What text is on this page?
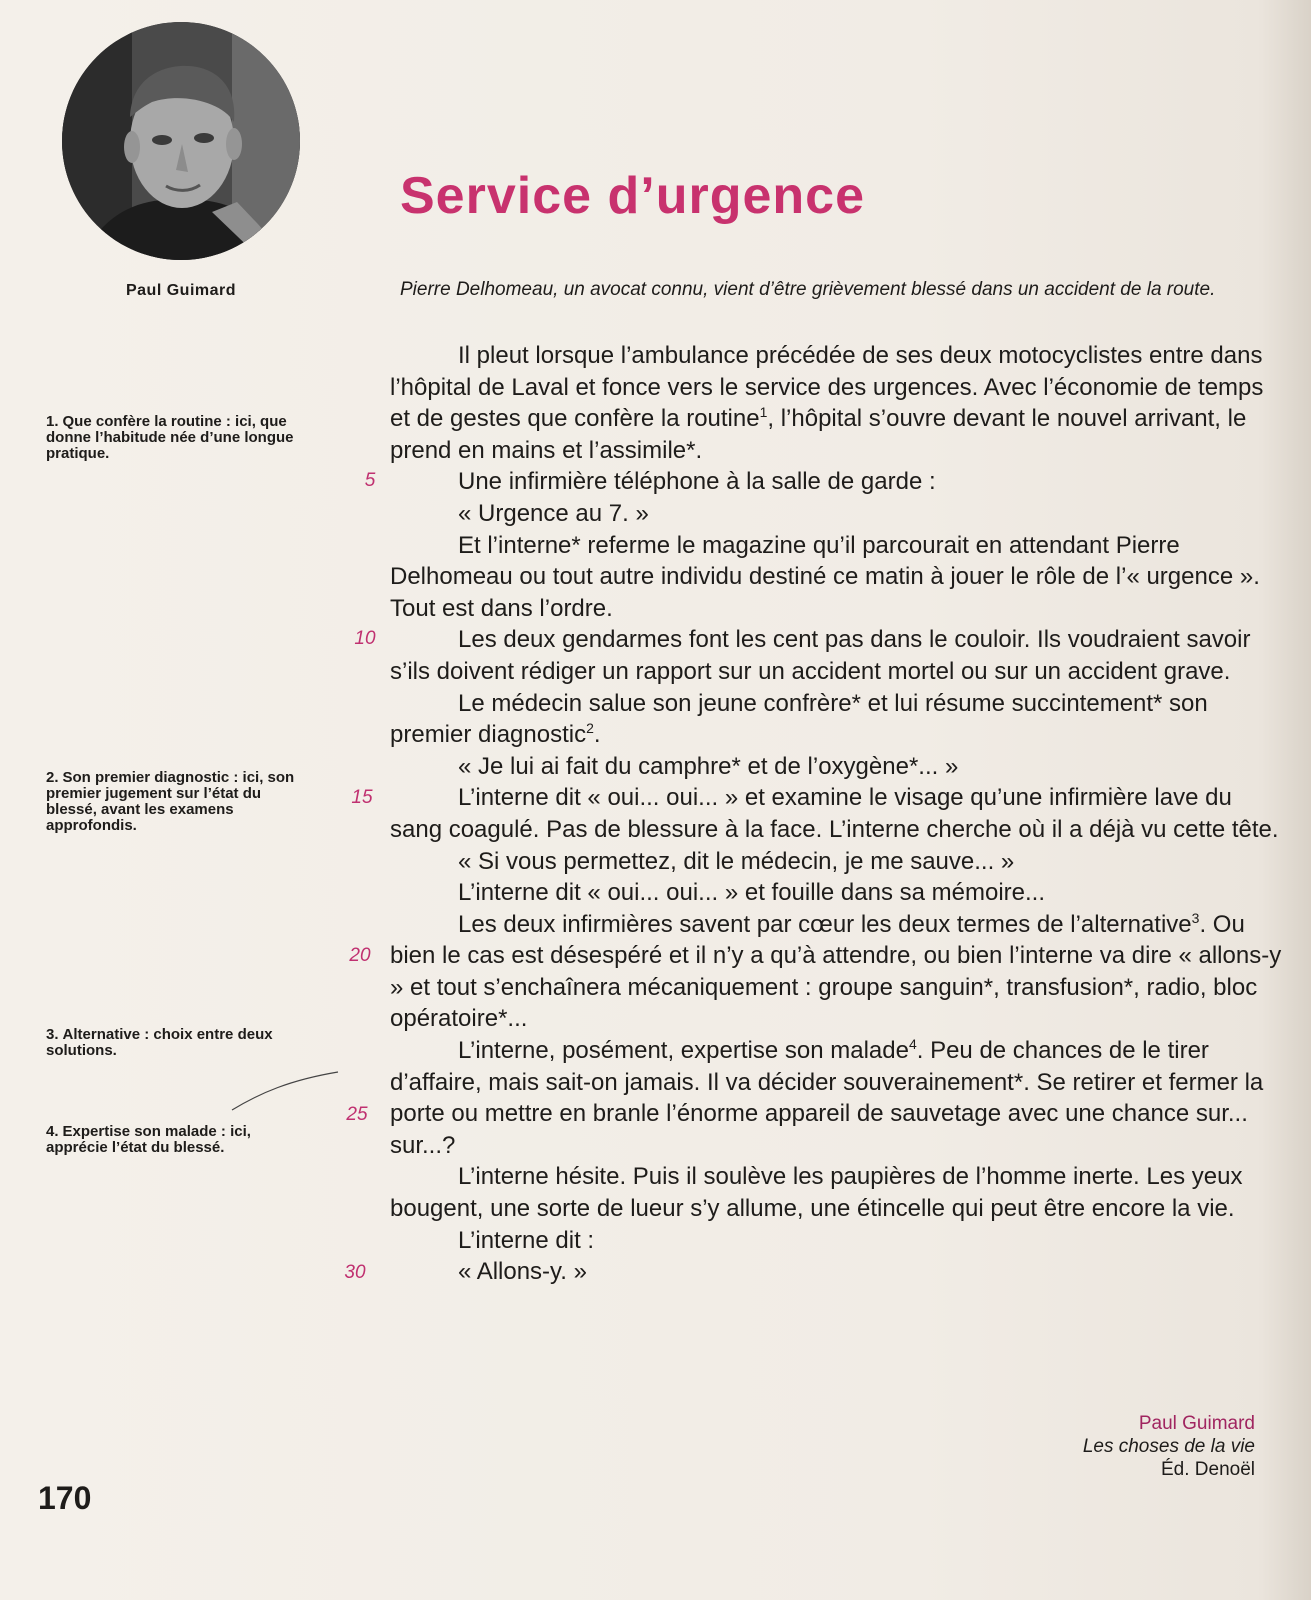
Paul Guimard
Service d’urgence

Pierre Delhomeau, un avocat connu, vient d’être grièvement blessé dans un accident de la route.

Il pleut lorsque l’ambulance précédée de ses deux motocyclistes entre dans l’hôpital de Laval et fonce vers le service des urgences. Avec l’économie de temps et de gestes que confère la routine$^1$, l’hôpital s’ouvre devant le nouvel arrivant, le prend en mains et l’assimile*.

Une infirmière téléphone à la salle de garde :

« Urgence au 7. »

Et l’interne* referme le magazine qu’il parcourait en attendant Pierre Delhomeau ou tout autre individu destiné ce matin à jouer le rôle de l’« urgence ». Tout est dans l’ordre.

Les deux gendarmes font les cent pas dans le couloir. Ils voudraient savoir s’ils doivent rédiger un rapport sur un accident mortel ou sur un accident grave.

Le médecin salue son jeune confrère* et lui résume succintement* son premier diagnostic$^2$.

« Je lui ai fait du camphre* et de l’oxygène*... »

L’interne dit « oui... oui... » et examine le visage qu’une infirmière lave du sang coagulé. Pas de blessure à la face. L’interne cherche où il a déjà vu cette tête.

« Si vous permettez, dit le médecin, je me sauve... »

L’interne dit « oui... oui... » et fouille dans sa mémoire...

Les deux infirmières savent par cœur les deux termes de l’alternative$^3$. Ou bien le cas est désespéré et il n’y a qu’à attendre, ou bien l’interne va dire « allons-y » et tout s’enchaînera mécaniquement : groupe sanguin*, transfusion*, radio, bloc opératoire*...

L’interne, posément, expertise son malade$^4$. Peu de chances de le tirer d’affaire, mais sait-on jamais. Il va décider souverainement*. Se retirer et fermer la porte ou mettre en branle l’énorme appareil de sauvetage avec une chance sur... sur...?

L’interne hésite. Puis il soulève les paupières de l’homme inerte. Les yeux bougent, une sorte de lueur s’y allume, une étincelle qui peut être encore la vie.

L’interne dit :

« Allons-y. »

5
10
15
20
25
30

1. Que confère la routine : ici, que donne l’habitude née d’une longue pratique.

2. Son premier diagnostic : ici, son premier jugement sur l’état du blessé, avant les examens approfondis.

3. Alternative : choix entre deux solutions.

4. Expertise son malade : ici, apprécie l’état du blessé.

Paul Guimard
Les choses de la vie
Éd. Denoël
170
